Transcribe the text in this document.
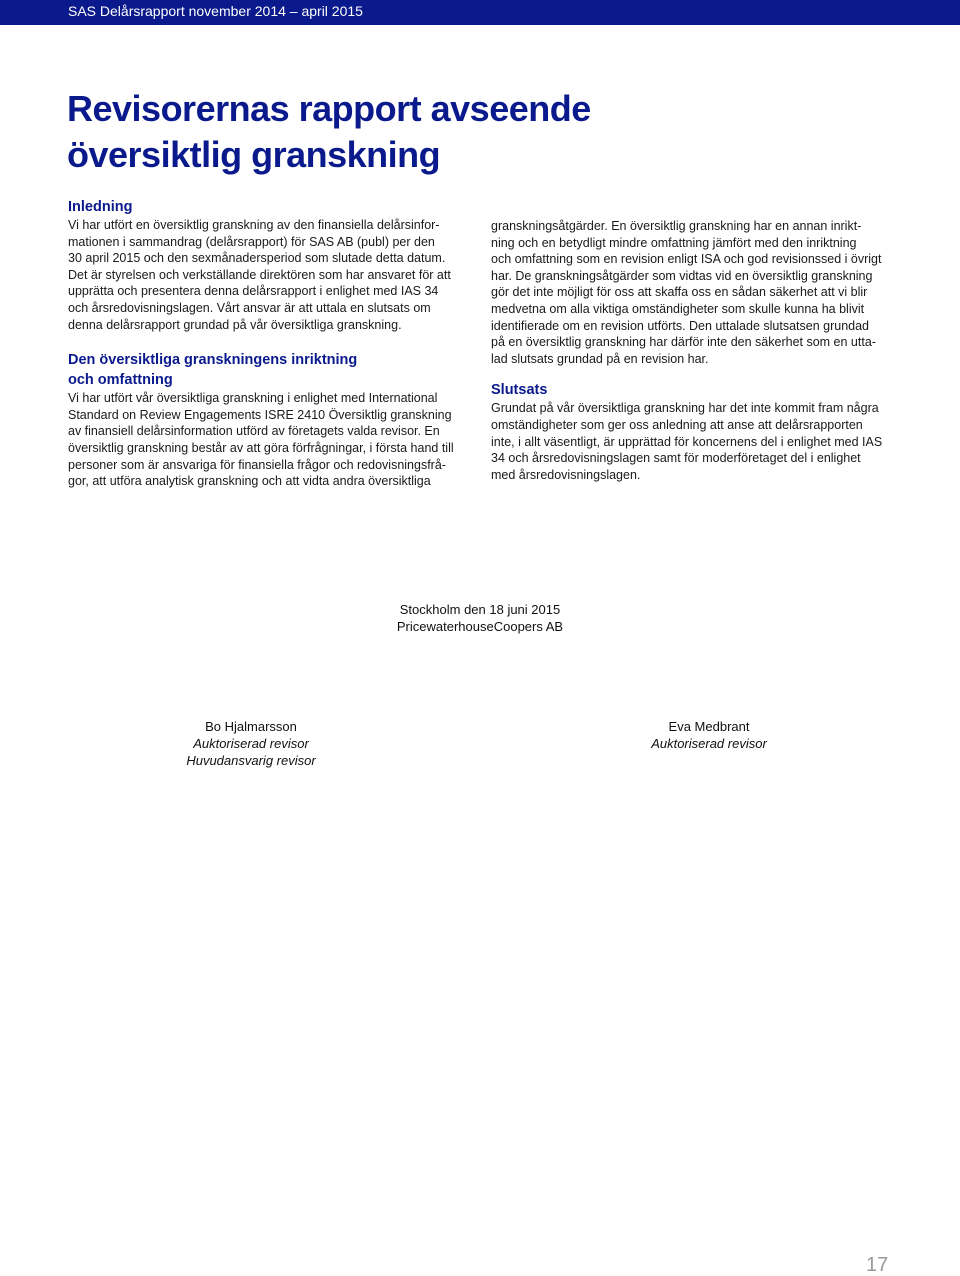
SAS Delårsrapport november 2014 – april 2015
Revisorernas rapport avseende
översiktlig granskning
Inledning
Vi har utfört en översiktlig granskning av den finansiella delårsinfor-
mationen i sammandrag (delårsrapport) för SAS AB (publ) per den
30 april 2015 och den sexmånadersperiod som slutade detta datum.
Det är styrelsen och verkställande direktören som har ansvaret för att
upprätta och presentera denna delårsrapport i enlighet med IAS 34
och årsredovisningslagen. Vårt ansvar är att uttala en slutsats om
denna delårsrapport grundad på vår översiktliga granskning.
Den översiktliga granskningens inriktning
och omfattning
Vi har utfört vår översiktliga granskning i enlighet med International
Standard on Review Engagements ISRE 2410 Översiktlig granskning
av finansiell delårsinformation utförd av företagets valda revisor. En
översiktlig granskning består av att göra förfrågningar, i första hand till
personer som är ansvariga för finansiella frågor och redovisningsfrå-
gor, att utföra analytisk granskning och att vidta andra översiktliga
granskningsåtgärder. En översiktlig granskning har en annan inrikt-
ning och en betydligt mindre omfattning jämfört med den inriktning
och omfattning som en revision enligt ISA och god revisionssed i övrigt
har. De granskningsåtgärder som vidtas vid en översiktlig granskning
gör det inte möjligt för oss att skaffa oss en sådan säkerhet att vi blir
medvetna om alla viktiga omständigheter som skulle kunna ha blivit
identifierade om en revision utförts. Den uttalade slutsatsen grundad
på en översiktlig granskning har därför inte den säkerhet som en utta-
lad slutsats grundad på en revision har.
Slutsats
Grundat på vår översiktliga granskning har det inte kommit fram några
omständigheter som ger oss anledning att anse att delårsrapporten
inte, i allt väsentligt, är upprättad för koncernens del i enlighet med IAS
34 och årsredovisningslagen samt för moderföretaget del i enlighet
med årsredovisningslagen.
Stockholm den 18 juni 2015
PricewaterhouseCoopers AB
Bo Hjalmarsson
Auktoriserad revisor
Huvudansvarig revisor
Eva Medbrant
Auktoriserad revisor
17
